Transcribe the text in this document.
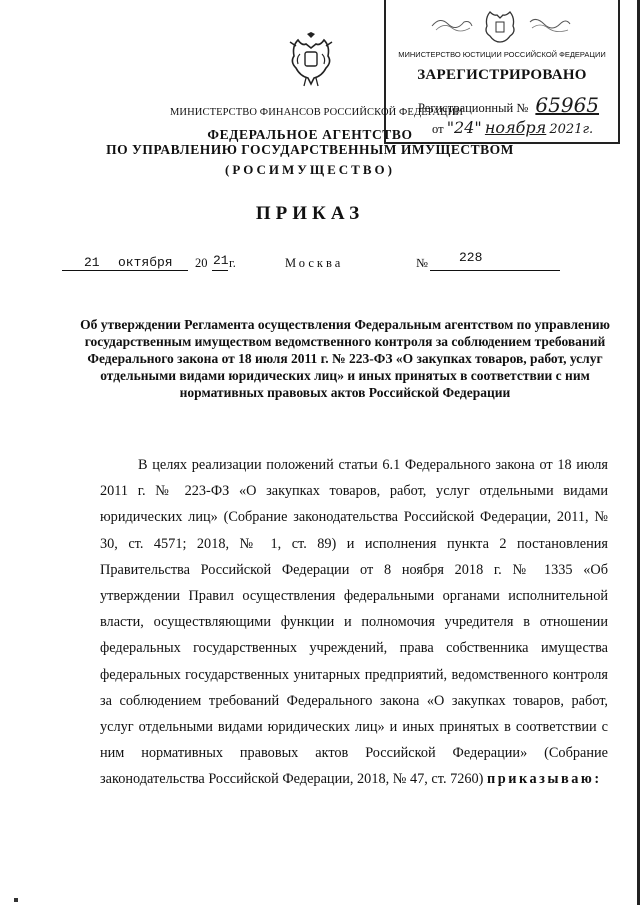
МИНИСТЕРСТВО ЮСТИЦИИ РОССИЙСКОЙ ФЕДЕРАЦИИ
ЗАРЕГИСТРИРОВАНО
Регистрационный № 65965
от "24" ноября 2021г.
МИНИСТЕРСТВО ФИНАНСОВ РОССИЙСКОЙ ФЕДЕРАЦИИ
ФЕДЕРАЛЬНОЕ АГЕНТСТВО
ПО УПРАВЛЕНИЮ ГОСУДАРСТВЕННЫМ ИМУЩЕСТВОМ
(РОСИМУЩЕСТВО)
ПРИКАЗ
21 октября 20 21 г.	Москва	№ 228
Об утверждении Регламента осуществления Федеральным агентством по управлению государственным имуществом ведомственного контроля за соблюдением требований Федерального закона от 18 июля 2011 г. № 223-ФЗ «О закупках товаров, работ, услуг отдельными видами юридических лиц» и иных принятых в соответствии с ним нормативных правовых актов Российской Федерации
В целях реализации положений статьи 6.1 Федерального закона от 18 июля 2011 г. № 223-ФЗ «О закупках товаров, работ, услуг отдельными видами юридических лиц» (Собрание законодательства Российской Федерации, 2011, № 30, ст. 4571; 2018, № 1, ст. 89) и исполнения пункта 2 постановления Правительства Российской Федерации от 8 ноября 2018 г. № 1335 «Об утверждении Правил осуществления федеральными органами исполнительной власти, осуществляющими функции и полномочия учредителя в отношении федеральных государственных учреждений, права собственника имущества федеральных государственных унитарных предприятий, ведомственного контроля за соблюдением требований Федерального закона «О закупках товаров, работ, услуг отдельными видами юридических лиц» и иных принятых в соответствии с ним нормативных правовых актов Российской Федерации» (Собрание законодательства Российской Федерации, 2018, № 47, ст. 7260) приказываю:
